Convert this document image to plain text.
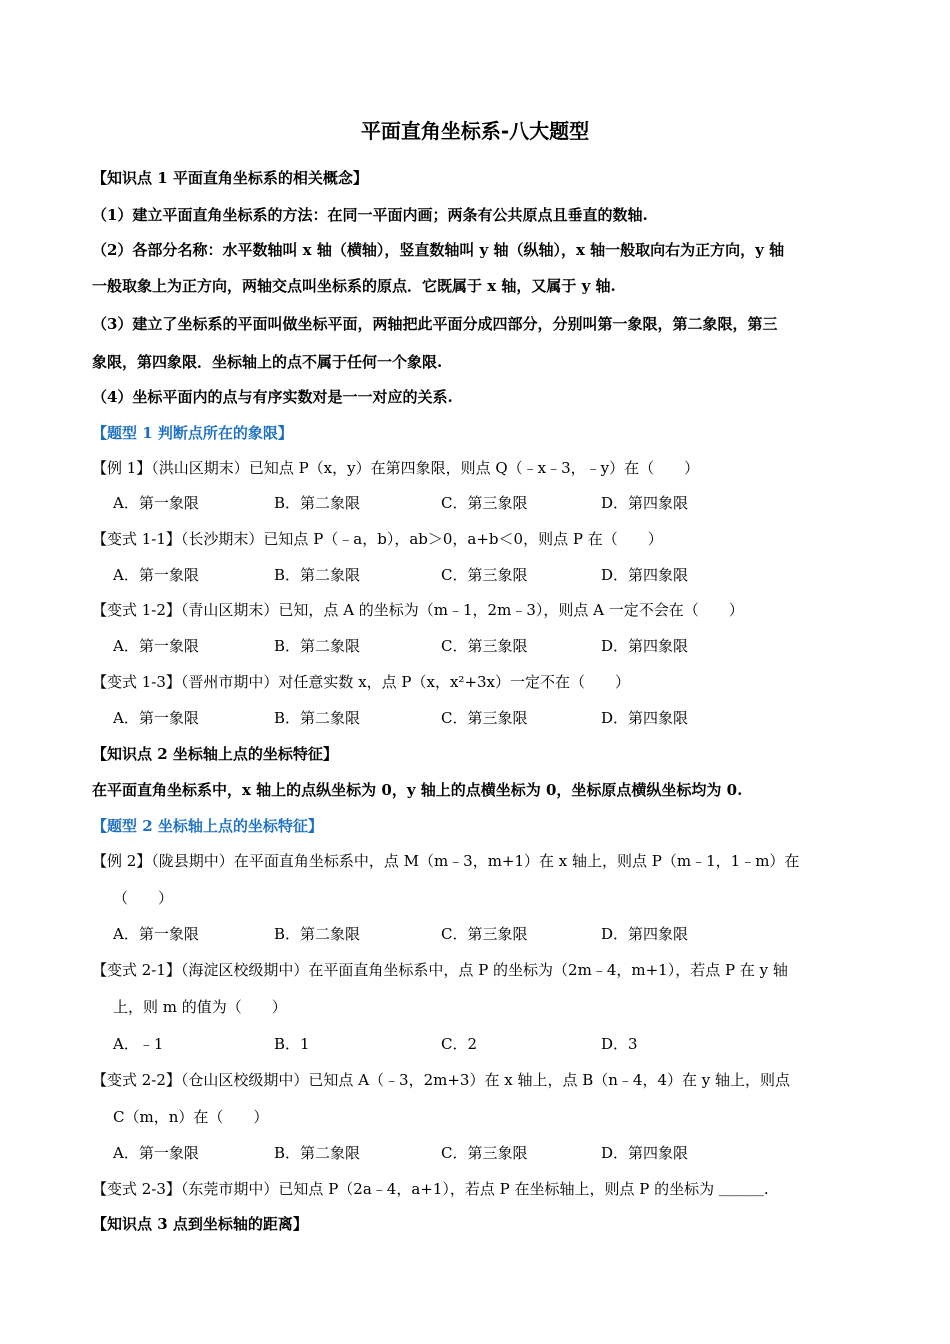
平面直角坐标系-八大题型
【知识点 1 平面直角坐标系的相关概念】
（1）建立平面直角坐标系的方法：在同一平面内画；两条有公共原点且垂直的数轴.
（2）各部分名称：水平数轴叫 x 轴（横轴），竖直数轴叫 y 轴（纵轴），x 轴一般取向右为正方向，y 轴
一般取象上为正方向，两轴交点叫坐标系的原点．它既属于 x 轴，又属于 y 轴.
（3）建立了坐标系的平面叫做坐标平面，两轴把此平面分成四部分，分别叫第一象限，第二象限，第三
象限，第四象限．坐标轴上的点不属于任何一个象限.
（4）坐标平面内的点与有序实数对是一一对应的关系.
【题型 1 判断点所在的象限】
【例 1】（洪山区期末）已知点 P（x，y）在第四象限，则点 Q（﹣x﹣3，﹣y）在（　　）
A．第一象限	B．第二象限	C．第三象限	D．第四象限
【变式 1-1】（长沙期末）已知点 P（﹣a，b），ab＞0，a+b＜0，则点 P 在（　　）
A．第一象限	B．第二象限	C．第三象限	D．第四象限
【变式 1-2】（青山区期末）已知，点 A 的坐标为（m﹣1，2m﹣3），则点 A 一定不会在（　　）
A．第一象限	B．第二象限	C．第三象限	D．第四象限
【变式 1-3】（晋州市期中）对任意实数 x，点 P（x，x²+3x）一定不在（　　）
A．第一象限	B．第二象限	C．第三象限	D．第四象限
【知识点 2 坐标轴上点的坐标特征】
在平面直角坐标系中，x 轴上的点纵坐标为 0，y 轴上的点横坐标为 0，坐标原点横纵坐标均为 0.
【题型 2 坐标轴上点的坐标特征】
【例 2】（陇县期中）在平面直角坐标系中，点 M（m﹣3，m+1）在 x 轴上，则点 P（m﹣1，1﹣m）在
（　　）
A．第一象限	B．第二象限	C．第三象限	D．第四象限
【变式 2-1】（海淀区校级期中）在平面直角坐标系中，点 P 的坐标为（2m﹣4，m+1），若点 P 在 y 轴
上，则 m 的值为（　　）
A．﹣1	B．1	C．2	D．3
【变式 2-2】（仓山区校级期中）已知点 A（﹣3，2m+3）在 x 轴上，点 B（n﹣4，4）在 y 轴上，则点
C（m，n）在（　　）
A．第一象限	B．第二象限	C．第三象限	D．第四象限
【变式 2-3】（东莞市期中）已知点 P（2a﹣4，a+1），若点 P 在坐标轴上，则点 P 的坐标为 ＿＿＿.
【知识点 3 点到坐标轴的距离】
